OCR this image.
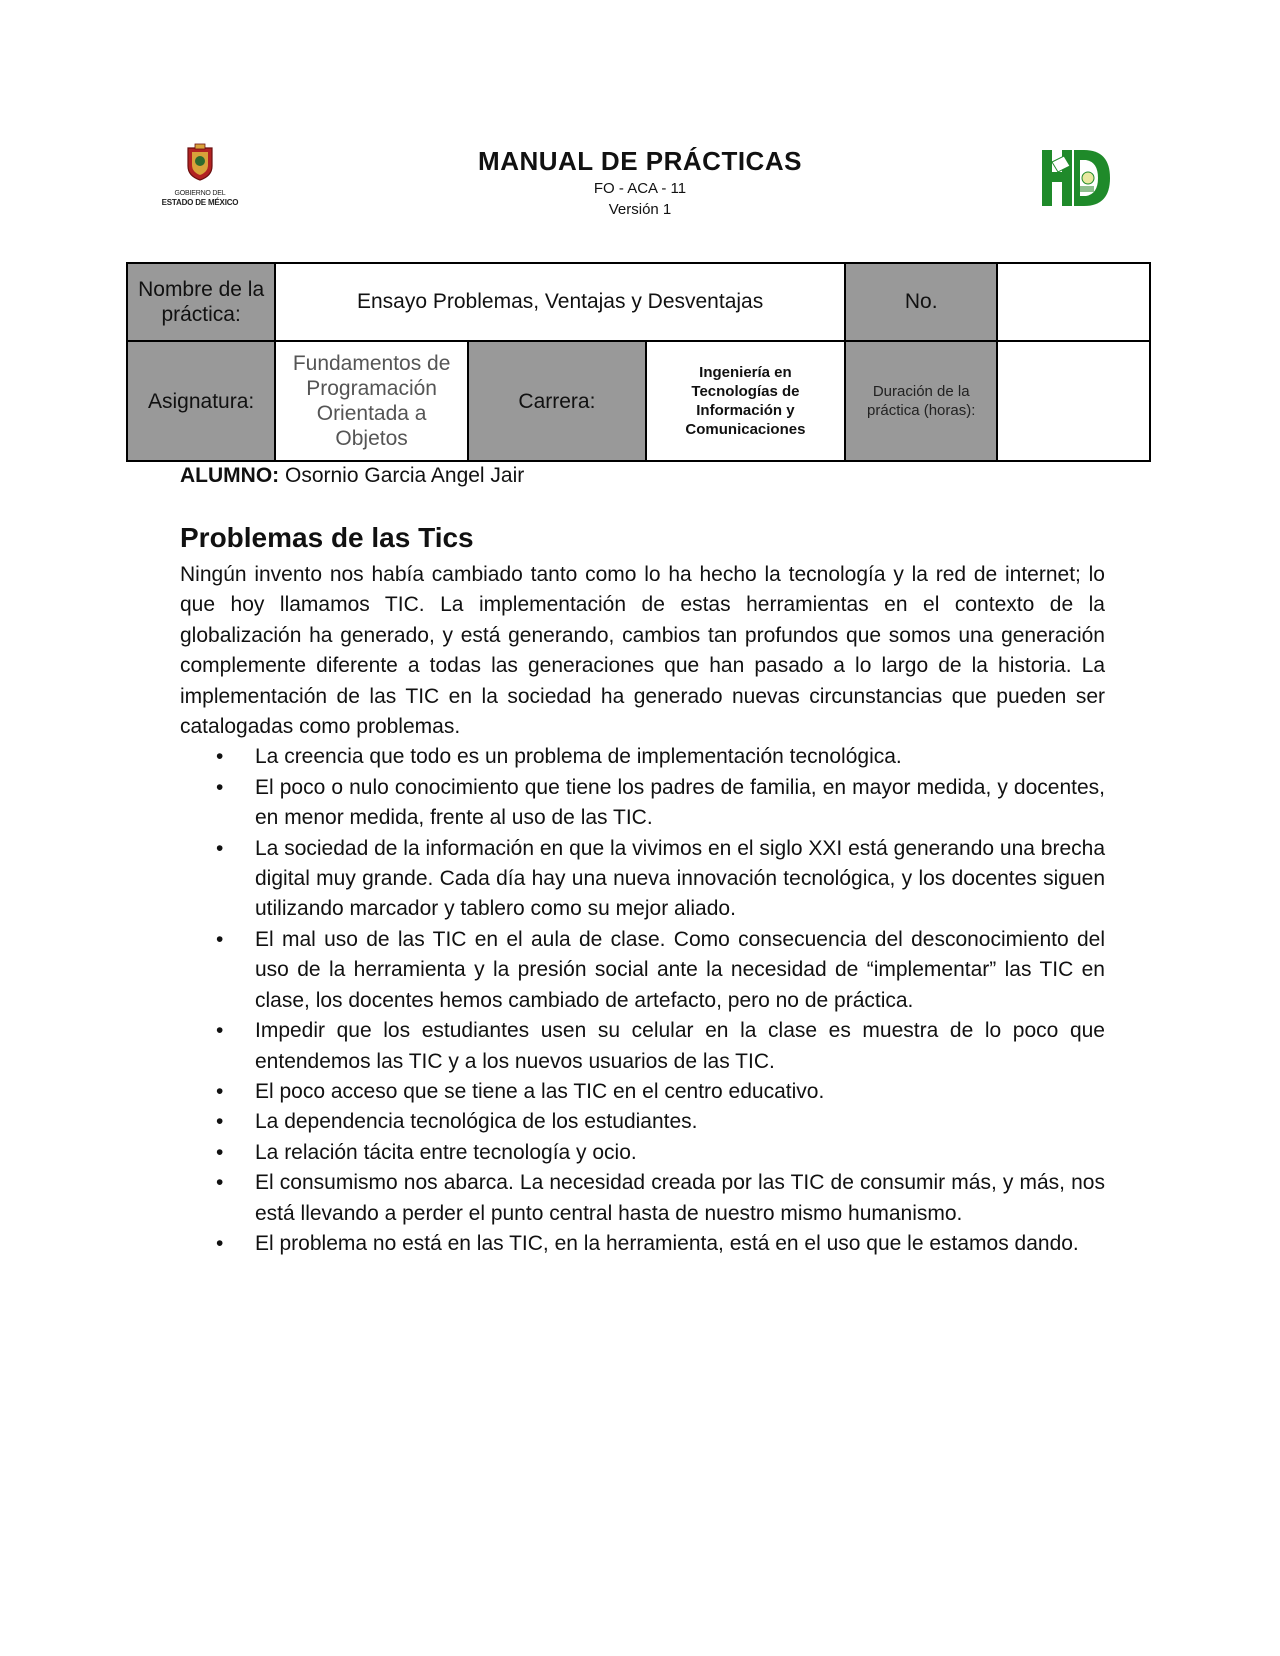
GOBIERNO DEL
ESTADO DE MÉXICO
MANUAL DE PRÁCTICAS
FO - ACA - 11
Versión 1
Nombre de la práctica:	Ensayo Problemas, Ventajas y Desventajas			No.	
Asignatura:	Fundamentos de Programación Orientada a Objetos	Carrera:	Ingeniería en Tecnologías de Información y Comunicaciones	Duración de la práctica (horas):	
ALUMNO: Osornio Garcia Angel Jair
Problemas de las Tics

Ningún invento nos había cambiado tanto como lo ha hecho la tecnología y la red de internet; lo que hoy llamamos TIC. La implementación de estas herramientas en el contexto de la globalización ha generado, y está generando, cambios tan profundos que somos una generación complemente diferente a todas las generaciones que han pasado a lo largo de la historia. La implementación de las TIC en la sociedad ha generado nuevas circunstancias que pueden ser catalogadas como problemas.

• La creencia que todo es un problema de implementación tecnológica.
• El poco o nulo conocimiento que tiene los padres de familia, en mayor medida, y docentes, en menor medida, frente al uso de las TIC.
• La sociedad de la información en que la vivimos en el siglo XXI está generando una brecha digital muy grande. Cada día hay una nueva innovación tecnológica, y los docentes siguen utilizando marcador y tablero como su mejor aliado.
• El mal uso de las TIC en el aula de clase. Como consecuencia del desconocimiento del uso de la herramienta y la presión social ante la necesidad de “implementar” las TIC en clase, los docentes hemos cambiado de artefacto, pero no de práctica.
• Impedir que los estudiantes usen su celular en la clase es muestra de lo poco que entendemos las TIC y a los nuevos usuarios de las TIC.
• El poco acceso que se tiene a las TIC en el centro educativo.
• La dependencia tecnológica de los estudiantes.
• La relación tácita entre tecnología y ocio.
• El consumismo nos abarca. La necesidad creada por las TIC de consumir más, y más, nos está llevando a perder el punto central hasta de nuestro mismo humanismo.
• El problema no está en las TIC, en la herramienta, está en el uso que le estamos dando.
